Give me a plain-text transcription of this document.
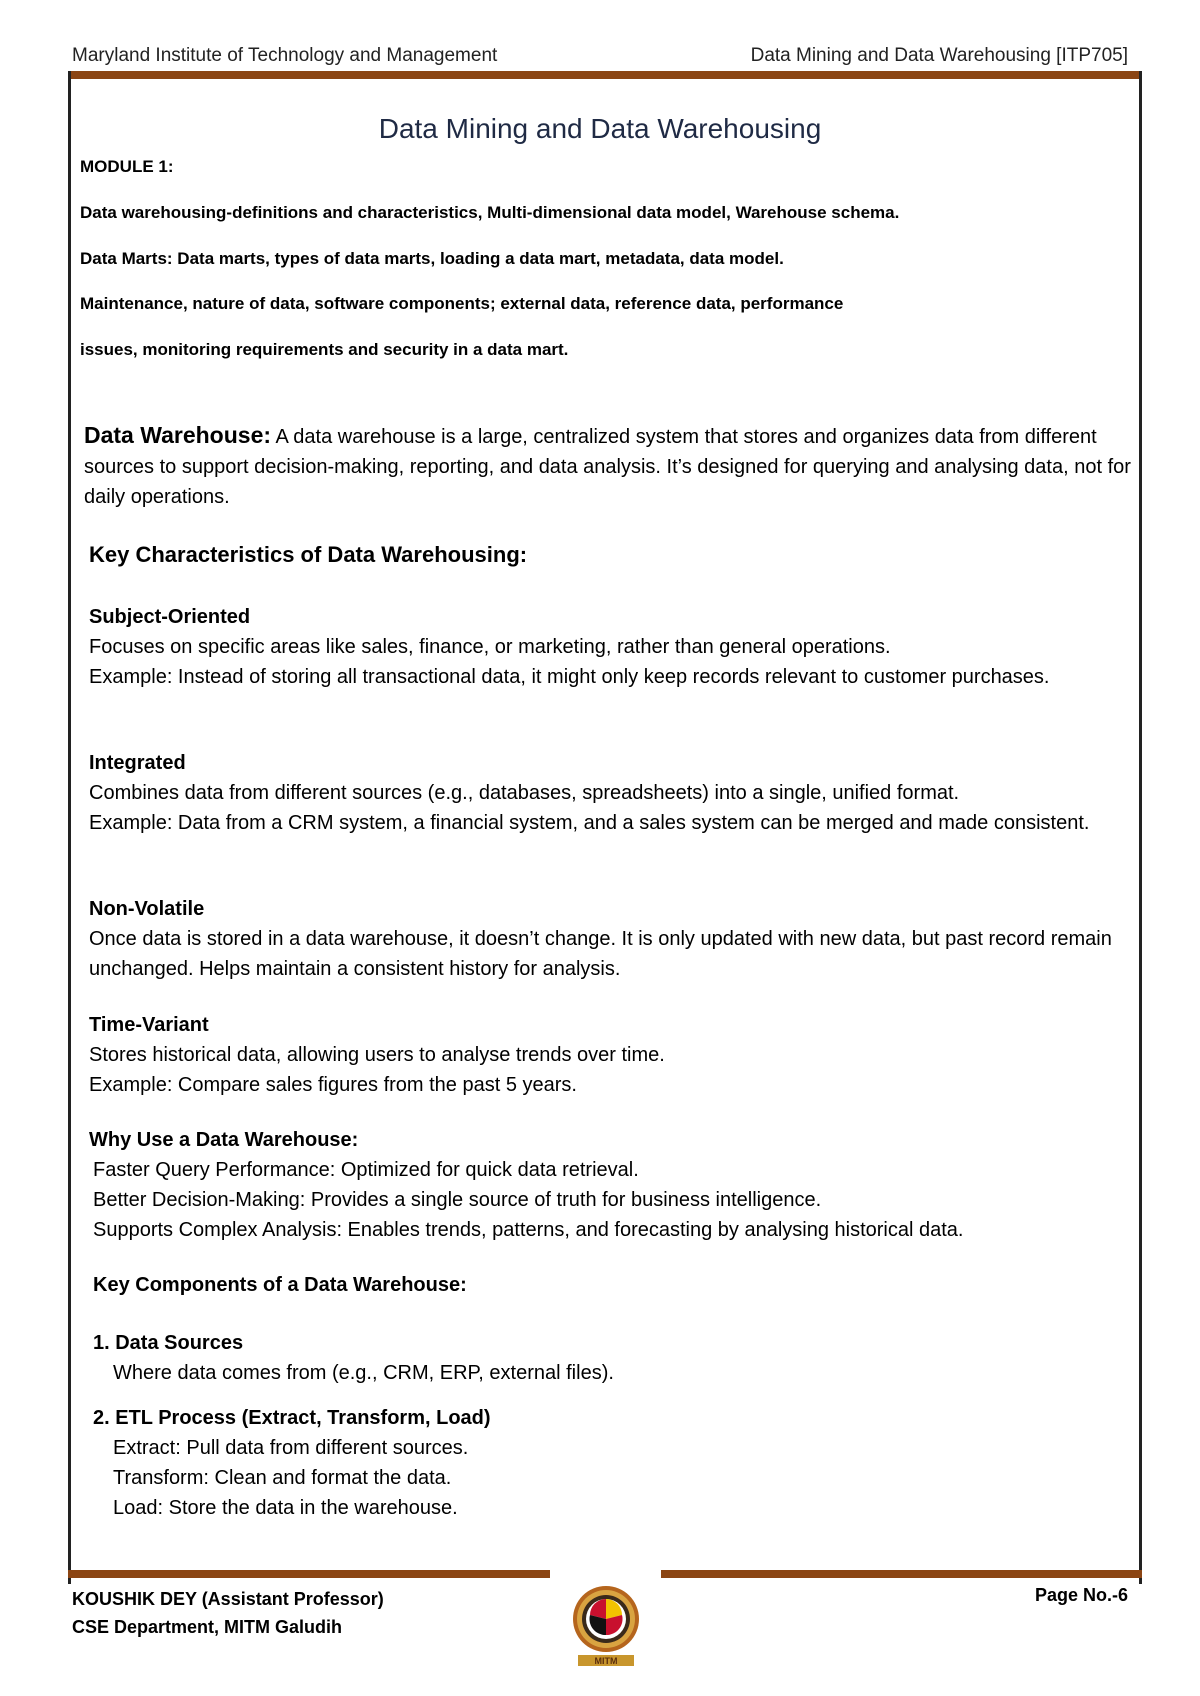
Maryland Institute of Technology and Management	Data Mining and Data Warehousing [ITP705]
Data Mining and Data Warehousing
MODULE 1:
Data warehousing-definitions and characteristics, Multi-dimensional data model, Warehouse schema.
Data Marts: Data marts, types of data marts, loading a data mart, metadata, data model.
Maintenance, nature of data, software components; external data, reference data, performance
issues, monitoring requirements and security in a data mart.
Data Warehouse: A data warehouse is a large, centralized system that stores and organizes data from different sources to support decision-making, reporting, and data analysis. It’s designed for querying and analysing data, not for daily operations.
Key Characteristics of Data Warehousing:
Subject-Oriented
Focuses on specific areas like sales, finance, or marketing, rather than general operations.
Example: Instead of storing all transactional data, it might only keep records relevant to customer purchases.
Integrated
Combines data from different sources (e.g., databases, spreadsheets) into a single, unified format.
Example: Data from a CRM system, a financial system, and a sales system can be merged and made consistent.
Non-Volatile
Once data is stored in a data warehouse, it doesn’t change. It is only updated with new data, but past record remain unchanged. Helps maintain a consistent history for analysis.
Time-Variant
Stores historical data, allowing users to analyse trends over time.
Example: Compare sales figures from the past 5 years.
Why Use a Data Warehouse:
Faster Query Performance: Optimized for quick data retrieval.
Better Decision-Making: Provides a single source of truth for business intelligence.
Supports Complex Analysis: Enables trends, patterns, and forecasting by analysing historical data.
Key Components of a Data Warehouse:
1. Data Sources
Where data comes from (e.g., CRM, ERP, external files).
2. ETL Process (Extract, Transform, Load)
Extract: Pull data from different sources.
Transform: Clean and format the data.
Load: Store the data in the warehouse.
KOUSHIK DEY (Assistant Professor)
CSE Department, MITM Galudih
Page No.-6
MITM
